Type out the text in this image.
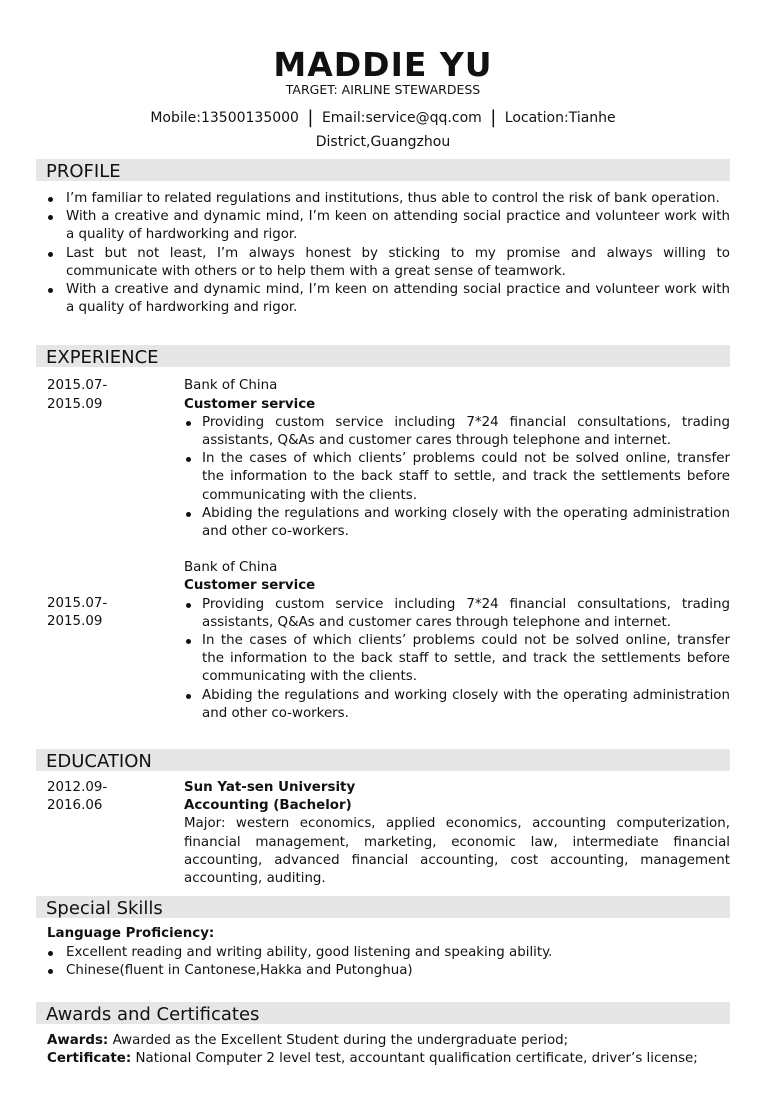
MADDIE YU
TARGET: AIRLINE STEWARDESS
Mobile:13500135000 | Email:service@qq.com | Location:Tianhe District,Guangzhou
PROFILE
I’m familiar to related regulations and institutions, thus able to control the risk of bank operation.
With a creative and dynamic mind, I’m keen on attending social practice and volunteer work with a quality of hardworking and rigor.
Last but not least, I’m always honest by sticking to my promise and always willing to communicate with others or to help them with a great sense of teamwork.
With a creative and dynamic mind, I’m keen on attending social practice and volunteer work with a quality of hardworking and rigor.
EXPERIENCE
2015.07-2015.09
Bank of China
Customer service
Providing custom service including 7*24 financial consultations, trading assistants, Q&As and customer cares through telephone and internet.
In the cases of which clients’ problems could not be solved online, transfer the information to the back staff to settle, and track the settlements before communicating with the clients.
Abiding the regulations and working closely with the operating administration and other co-workers.
2015.07-2015.09
Bank of China
Customer service
Providing custom service including 7*24 financial consultations, trading assistants, Q&As and customer cares through telephone and internet.
In the cases of which clients’ problems could not be solved online, transfer the information to the back staff to settle, and track the settlements before communicating with the clients.
Abiding the regulations and working closely with the operating administration and other co-workers.
EDUCATION
2012.09-2016.06
Sun Yat-sen University
Accounting (Bachelor)
Major: western economics, applied economics, accounting computerization, financial management, marketing, economic law, intermediate financial accounting, advanced financial accounting, cost accounting, management accounting, auditing.
Special Skills
Language Proficiency:
Excellent reading and writing ability, good listening and speaking ability.
Chinese(fluent in Cantonese,Hakka and Putonghua)
Awards and Certificates
Awards: Awarded as the Excellent Student during the undergraduate period;
Certificate: National Computer 2 level test, accountant qualification certificate, driver’s license;
